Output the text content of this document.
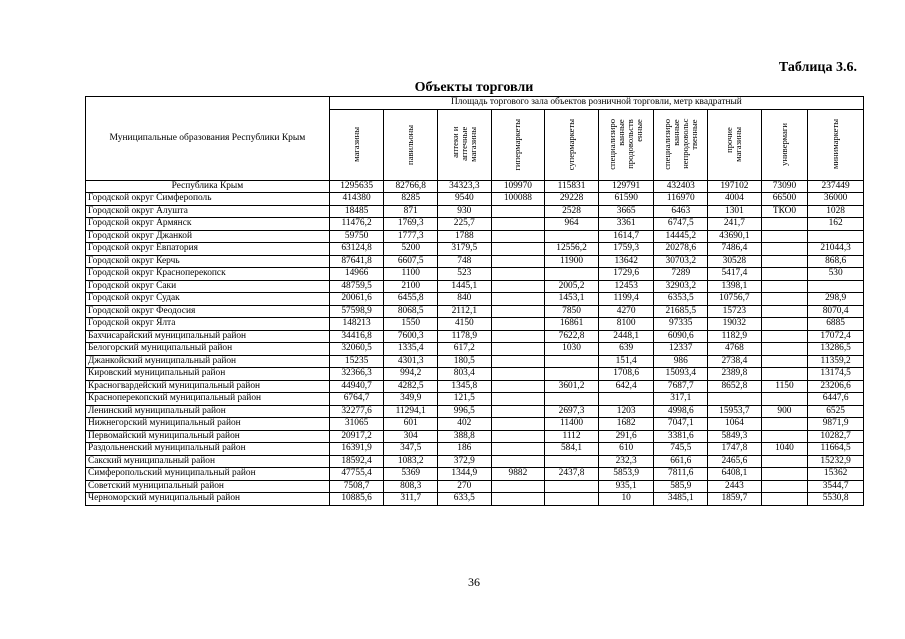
Таблица 3.6.
Объекты торговли
Муниципальные образования Республики Крым	Площадь торгового зала объектов розничной торговли, метр квадратный									

	магазины	павильоны	аптеки и
аптечные
магазины	гипермаркеты	супермаркеты	специализиро
ванные
продовольств
енные	специализиро
ванные
непродовольс
твенные	прочие
магазины	универмаги	минимаркеты

Республика Крым	1295635	82766,8	34323,3	109970	115831	129791	432403	197102	73090	237449
Городской округ Симферополь	414380	8285	9540	100088	29228	61590	116970	4004	66500	36000
Городской округ Алушта	18485	871	930		2528	3665	6463	1301	ТКО0	1028
Городской округ Армянск	11476,2	1769,3	225,7		964	3361	6747,5	241,7		162
Городской округ Джанкой	59750	1777,3	1788			1614,7	14445,2	43690,1		
Городской округ Евпатория	63124,8	5200	3179,5		12556,2	1759,3	20278,6	7486,4		21044,3
Городской округ Керчь	87641,8	6607,5	748		11900	13642	30703,2	30528		868,6
Городской округ Красноперекопск	14966	1100	523			1729,6	7289	5417,4		530
Городской округ Саки	48759,5	2100	1445,1		2005,2	12453	32903,2	1398,1		
Городской округ Судак	20061,6	6455,8	840		1453,1	1199,4	6353,5	10756,7		298,9
Городской округ Феодосия	57598,9	8068,5	2112,1		7850	4270	21685,5	15723		8070,4
Городской округ Ялта	148213	1550	4150		16861	8100	97335	19032		6885
Бахчисарайский муниципальный район	34416,8	7600,3	1178,9		7622,8	2448,1	6090,6	1182,9		17072,4
Белогорский муниципальный район	32060,5	1335,4	617,2		1030	639	12337	4768		13286,5
Джанкойский муниципальный район	15235	4301,3	180,5			151,4	986	2738,4		11359,2
Кировский муниципальный район	32366,3	994,2	803,4			1708,6	15093,4	2389,8		13174,5
Красногвардейский муниципальный район	44940,7	4282,5	1345,8		3601,2	642,4	7687,7	8652,8	1150	23206,6
Красноперекопский муниципальный район	6764,7	349,9	121,5				317,1			6447,6
Ленинский муниципальный район	32277,6	11294,1	996,5		2697,3	1203	4998,6	15953,7	900	6525
Нижнегорский муниципальный район	31065	601	402		11400	1682	7047,1	1064		9871,9
Первомайский муниципальный район	20917,2	304	388,8		1112	291,6	3381,6	5849,3		10282,7
Раздольненский муниципальный район	16391,9	347,5	186		584,1	610	745,5	1747,8	1040	11664,5
Сакский муниципальный район	18592,4	1083,2	372,9			232,3	661,6	2465,6		15232,9
Симферопольский муниципальный район	47755,4	5369	1344,9	9882	2437,8	5853,9	7811,6	6408,1		15362
Советский муниципальный район	7508,7	808,3	270			935,1	585,9	2443		3544,7
Черноморский муниципальный район	10885,6	311,7	633,5			10	3485,1	1859,7		5530,8
36
